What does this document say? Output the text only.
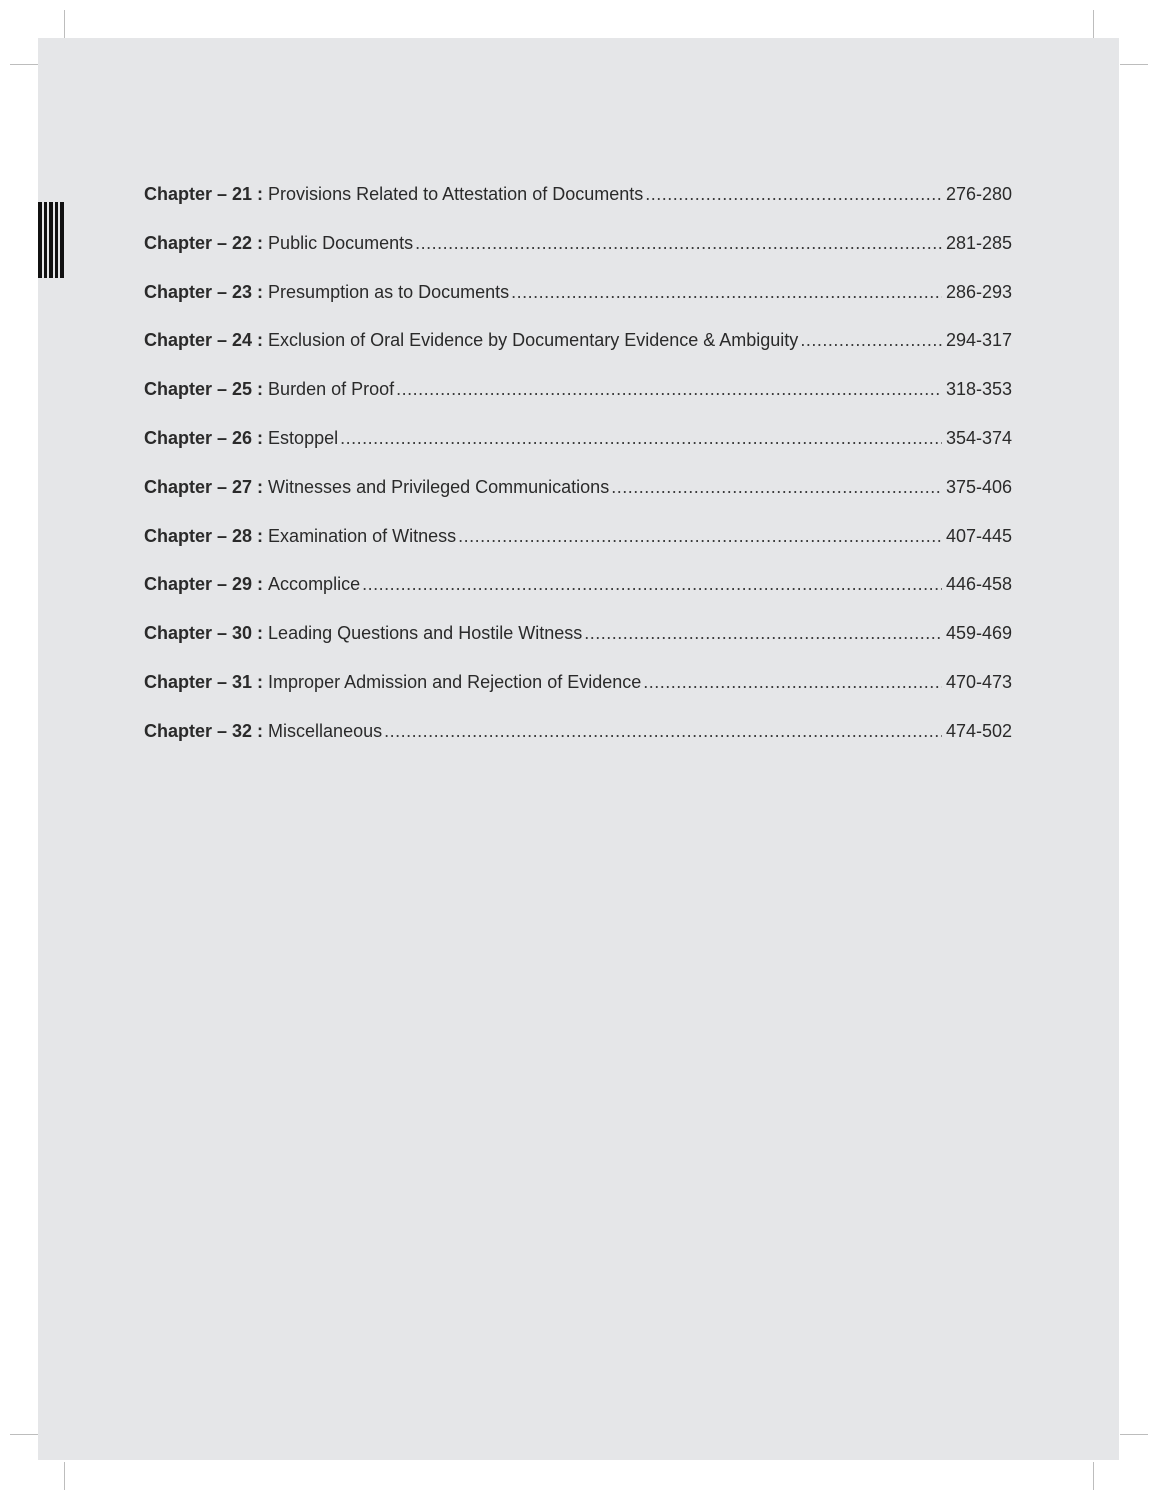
Chapter – 21 : Provisions Related to Attestation of Documents .....	276-280
Chapter – 22 : Public Documents .....	281-285
Chapter – 23 : Presumption as to Documents .....	286-293
Chapter – 24 : Exclusion of Oral Evidence by Documentary Evidence & Ambiguity .....	294-317
Chapter – 25 : Burden of Proof .....	318-353
Chapter – 26 : Estoppel .....	354-374
Chapter – 27 : Witnesses and Privileged Communications .....	375-406
Chapter – 28 : Examination of Witness .....	407-445
Chapter – 29 : Accomplice .....	446-458
Chapter – 30 : Leading Questions and Hostile Witness .....	459-469
Chapter – 31 : Improper Admission and Rejection of Evidence .....	470-473
Chapter – 32 : Miscellaneous .....	474-502
